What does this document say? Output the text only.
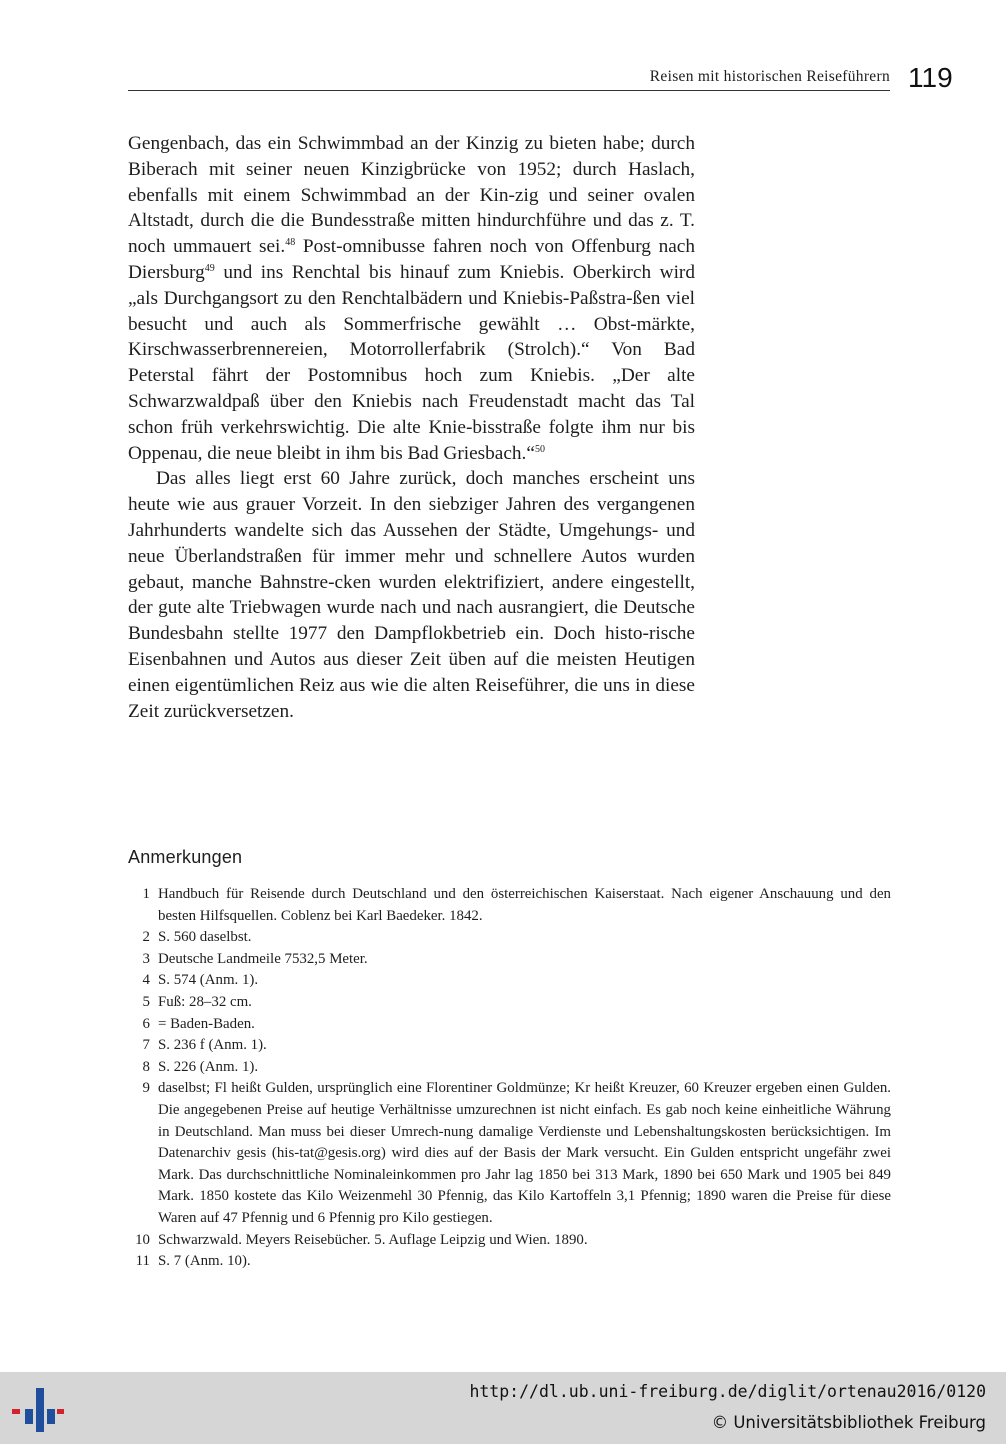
Reisen mit historischen Reiseführern 119

Gengenbach, das ein Schwimmbad an der Kinzig zu bieten habe; durch Biberach mit seiner neuen Kinzigbrücke von 1952; durch Haslach, ebenfalls mit einem Schwimmbad an der Kin-zig und seiner ovalen Altstadt, durch die die Bundesstraße mitten hindurchführe und das z. T. noch ummauert sei.$^{48}$ Post-omnibusse fahren noch von Offenburg nach Diersburg$^{49}$ und ins Renchtal bis hinauf zum Kniebis. Oberkirch wird „als Durchgangsort zu den Renchtalbädern und Kniebis-Paßstra-ßen viel besucht und auch als Sommerfrische gewählt … Obst-märkte, Kirschwasserbrennereien, Motorrollerfabrik (Strolch).“ Von Bad Peterstal fährt der Postomnibus hoch zum Kniebis. „Der alte Schwarzwaldpaß über den Kniebis nach Freudenstadt macht das Tal schon früh verkehrswichtig. Die alte Knie-bisstraße folgte ihm nur bis Oppenau, die neue bleibt in ihm bis Bad Griesbach.“$^{50}$

Das alles liegt erst 60 Jahre zurück, doch manches erscheint uns heute wie aus grauer Vorzeit. In den siebziger Jahren des vergangenen Jahrhunderts wandelte sich das Aussehen der Städte, Umgehungs- und neue Überlandstraßen für immer mehr und schnellere Autos wurden gebaut, manche Bahnstre-cken wurden elektrifiziert, andere eingestellt, der gute alte Triebwagen wurde nach und nach ausrangiert, die Deutsche Bundesbahn stellte 1977 den Dampflokbetrieb ein. Doch histo-rische Eisenbahnen und Autos aus dieser Zeit üben auf die meisten Heutigen einen eigentümlichen Reiz aus wie die alten Reiseführer, die uns in diese Zeit zurückversetzen.

Anmerkungen
1 Handbuch für Reisende durch Deutschland und den österreichischen Kaiserstaat. Nach eigener Anschauung und den besten Hilfsquellen. Coblenz bei Karl Baedeker. 1842.
2 S. 560 daselbst.
3 Deutsche Landmeile 7532,5 Meter.
4 S. 574 (Anm. 1).
5 Fuß: 28–32 cm.
6 = Baden-Baden.
7 S. 236 f (Anm. 1).
8 S. 226 (Anm. 1).
9 daselbst; Fl heißt Gulden, ursprünglich eine Florentiner Goldmünze; Kr heißt Kreuzer, 60 Kreuzer ergeben einen Gulden. Die angegebenen Preise auf heutige Verhältnisse umzurechnen ist nicht einfach. Es gab noch keine einheitliche Währung in Deutschland. Man muss bei dieser Umrech-nung damalige Verdienste und Lebenshaltungskosten berücksichtigen. Im Datenarchiv gesis (his-tat@gesis.org) wird dies auf der Basis der Mark versucht. Ein Gulden entspricht ungefähr zwei Mark. Das durchschnittliche Nominaleinkommen pro Jahr lag 1850 bei 313 Mark, 1890 bei 650 Mark und 1905 bei 849 Mark. 1850 kostete das Kilo Weizenmehl 30 Pfennig, das Kilo Kartoffeln 3,1 Pfennig; 1890 waren die Preise für diese Waren auf 47 Pfennig und 6 Pfennig pro Kilo gestiegen.
10 Schwarzwald. Meyers Reisebücher. 5. Auflage Leipzig und Wien. 1890.
11 S. 7 (Anm. 10).
http://dl.ub.uni-freiburg.de/diglit/ortenau2016/0120
© Universitätsbibliothek Freiburg
